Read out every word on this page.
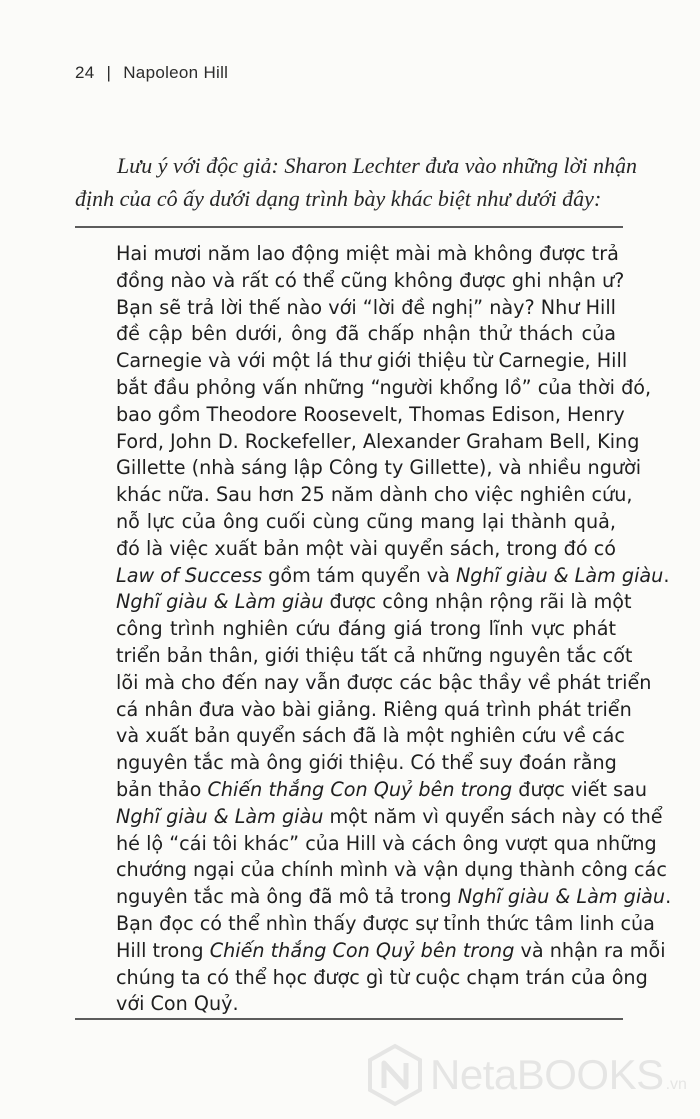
24 | Napoleon Hill
Lưu ý với độc giả: Sharon Lechter đưa vào những lời nhận
định của cô ấy dưới dạng trình bày khác biệt như dưới đây:
Hai mươi năm lao động miệt mài mà không được trả
đồng nào và rất có thể cũng không được ghi nhận ư?
Bạn sẽ trả lời thế nào với “lời đề nghị” này? Như Hill
đề cập bên dưới, ông đã chấp nhận thử thách của
Carnegie và với một lá thư giới thiệu từ Carnegie, Hill
bắt đầu phỏng vấn những “người khổng lồ” của thời đó,
bao gồm Theodore Roosevelt, Thomas Edison, Henry
Ford, John D. Rockefeller, Alexander Graham Bell, King
Gillette (nhà sáng lập Công ty Gillette), và nhiều người
khác nữa. Sau hơn 25 năm dành cho việc nghiên cứu,
nỗ lực của ông cuối cùng cũng mang lại thành quả,
đó là việc xuất bản một vài quyển sách, trong đó có
Law of Success gồm tám quyển và Nghĩ giàu & Làm giàu.
Nghĩ giàu & Làm giàu được công nhận rộng rãi là một
công trình nghiên cứu đáng giá trong lĩnh vực phát
triển bản thân, giới thiệu tất cả những nguyên tắc cốt
lõi mà cho đến nay vẫn được các bậc thầy về phát triển
cá nhân đưa vào bài giảng. Riêng quá trình phát triển
và xuất bản quyển sách đã là một nghiên cứu về các
nguyên tắc mà ông giới thiệu. Có thể suy đoán rằng
bản thảo Chiến thắng Con Quỷ bên trong được viết sau
Nghĩ giàu & Làm giàu một năm vì quyển sách này có thể
hé lộ “cái tôi khác” của Hill và cách ông vượt qua những
chướng ngại của chính mình và vận dụng thành công các
nguyên tắc mà ông đã mô tả trong Nghĩ giàu & Làm giàu.
Bạn đọc có thể nhìn thấy được sự tỉnh thức tâm linh của
Hill trong Chiến thắng Con Quỷ bên trong và nhận ra mỗi
chúng ta có thể học được gì từ cuộc chạm trán của ông
với Con Quỷ.
NetaBOOKS .vn
